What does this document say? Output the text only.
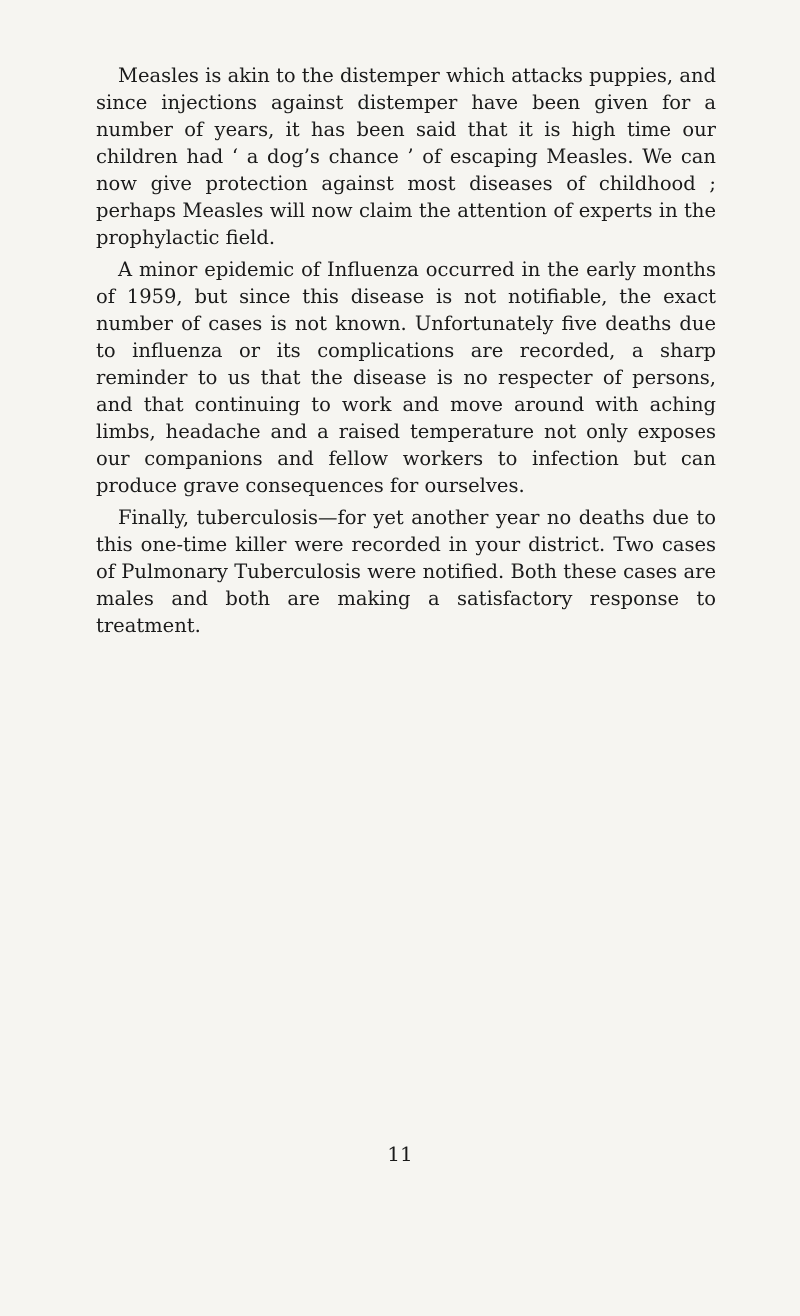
Measles is akin to the distemper which attacks puppies, and since injections against distemper have been given for a number of years, it has been said that it is high time our children had ‘ a dog’s chance ’ of escaping Measles. We can now give protection against most diseases of childhood ; perhaps Measles will now claim the attention of experts in the prophylactic field.

A minor epidemic of Influenza occurred in the early months of 1959, but since this disease is not notifiable, the exact number of cases is not known. Unfortunately five deaths due to influenza or its complications are recorded, a sharp reminder to us that the disease is no respecter of persons, and that continuing to work and move around with aching limbs, headache and a raised temperature not only exposes our companions and fellow workers to infection but can produce grave consequences for ourselves.

Finally, tuberculosis—for yet another year no deaths due to this one-time killer were recorded in your district. Two cases of Pulmonary Tuberculosis were notified. Both these cases are males and both are making a satisfactory response to treatment.

11
